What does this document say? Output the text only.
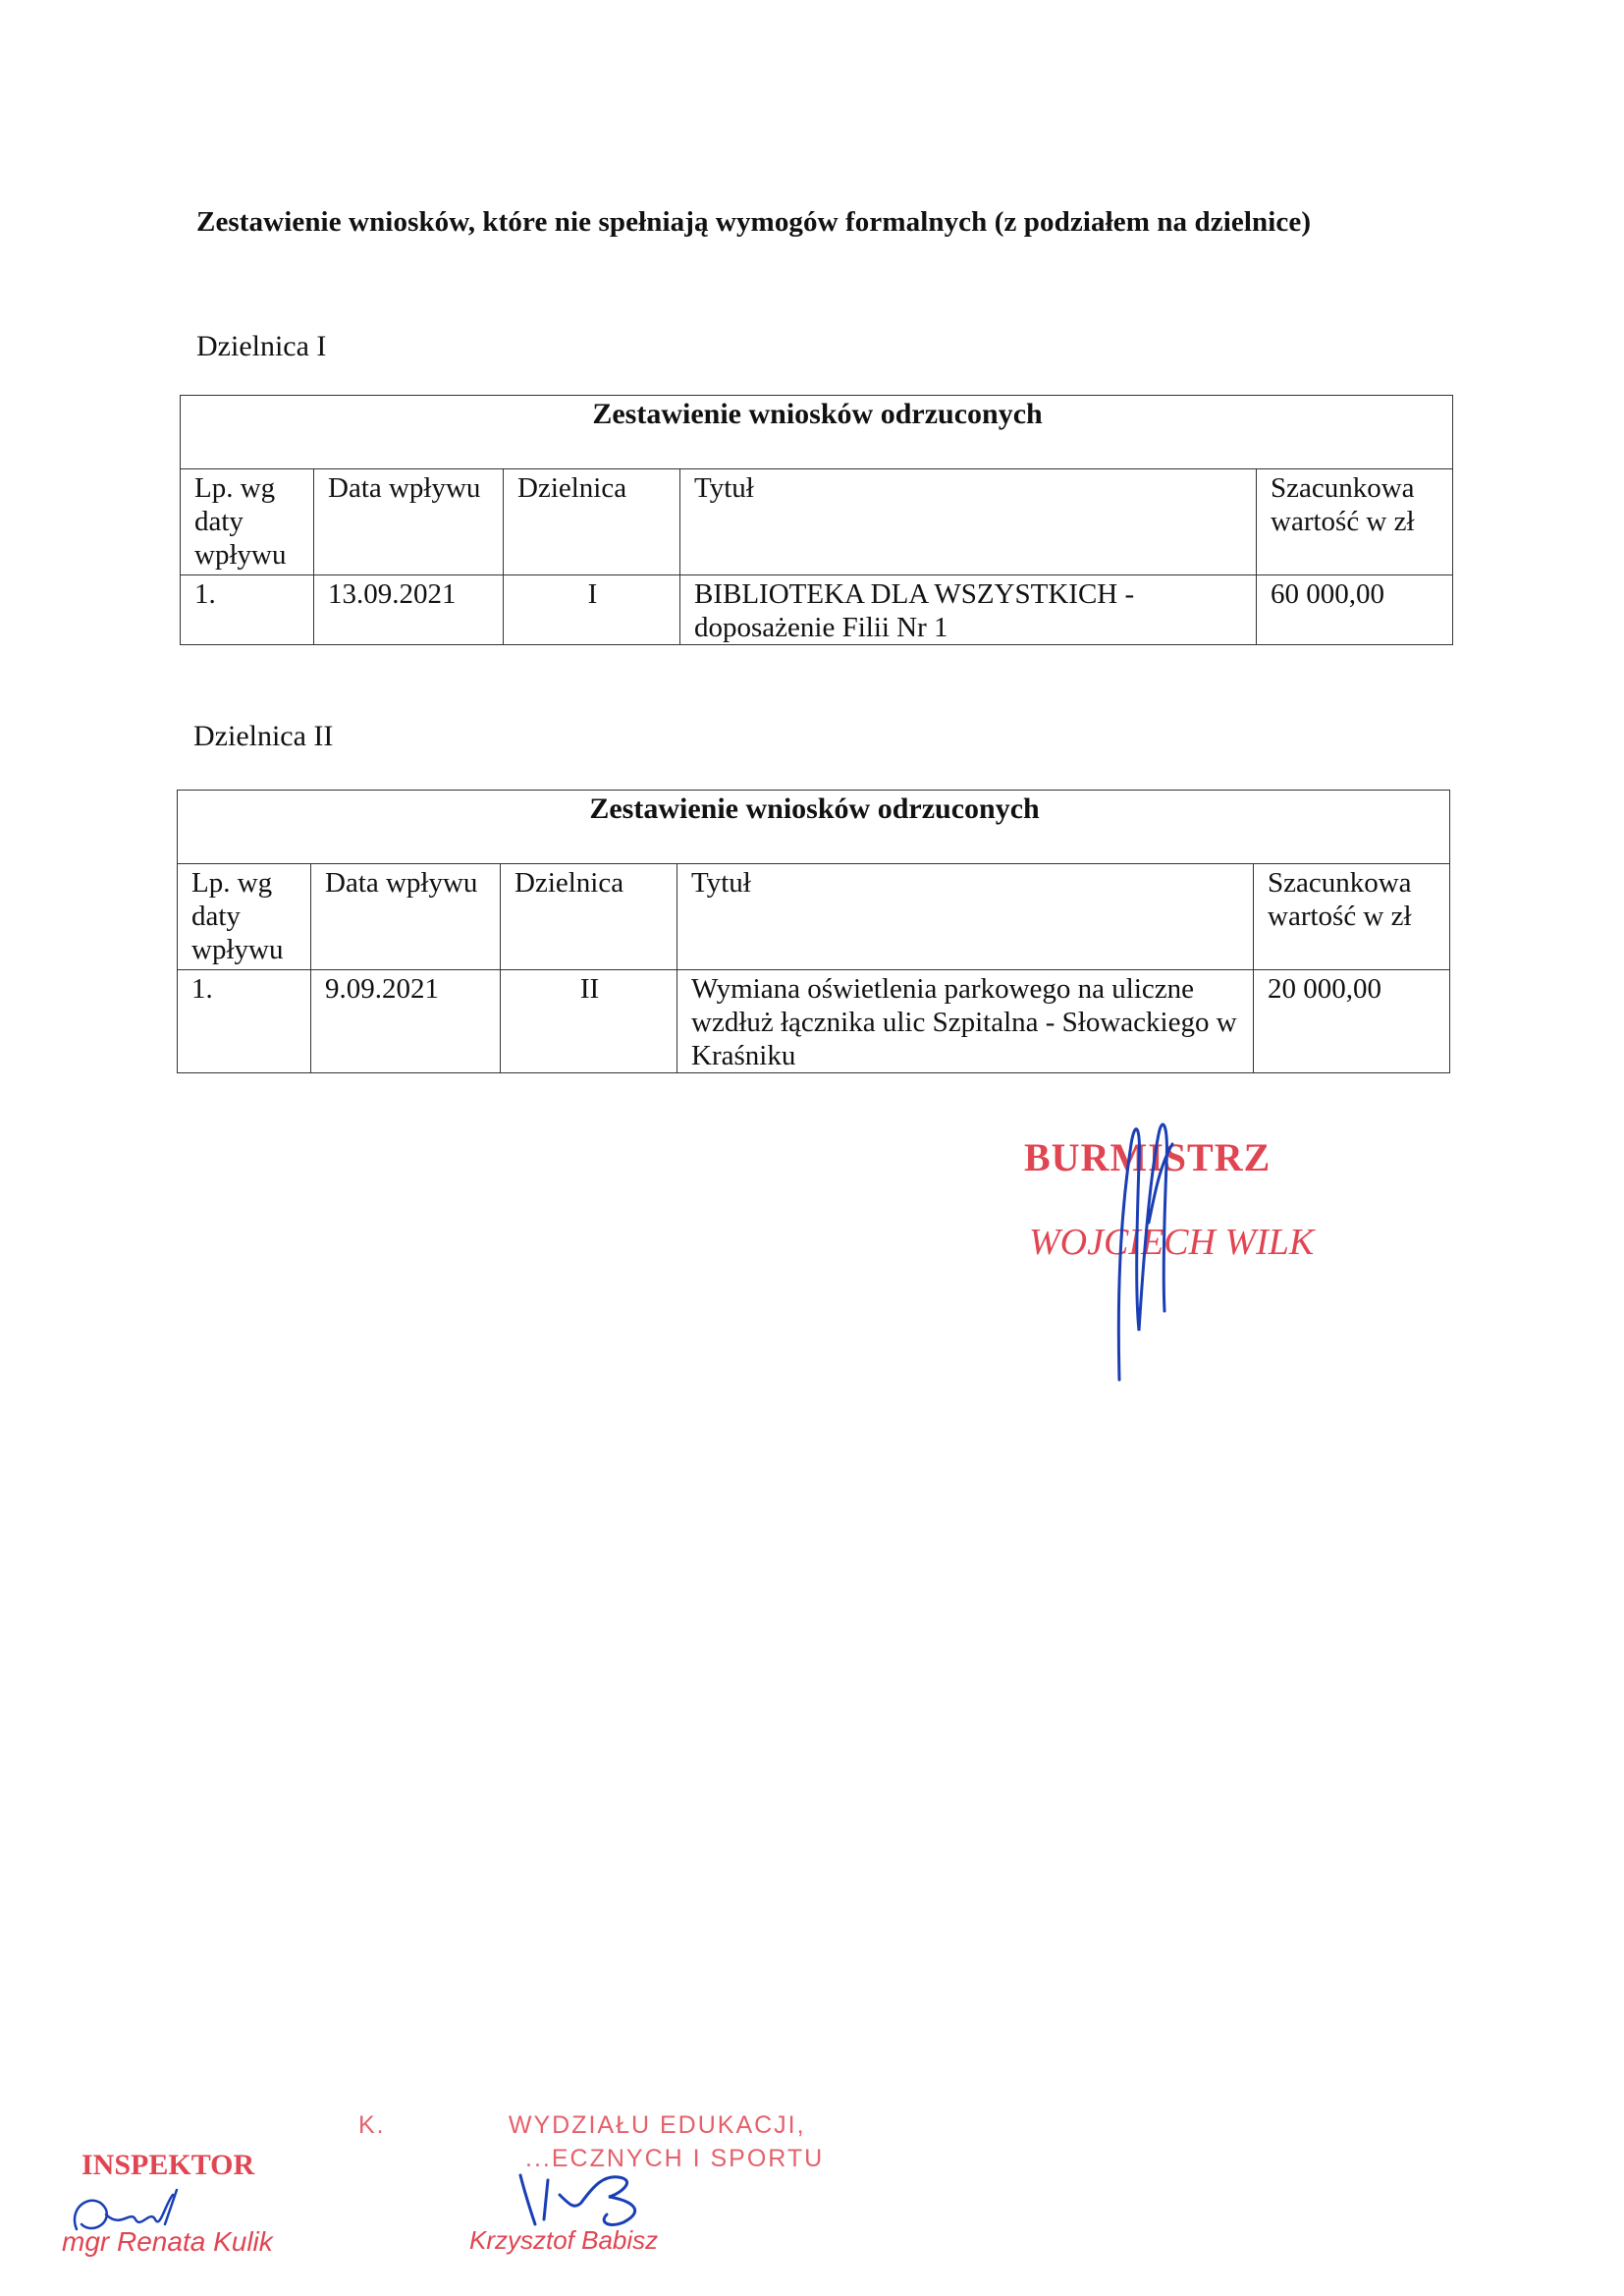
Zestawienie wniosków, które nie spełniają wymogów formalnych (z podziałem na dzielnice)
Dzielnica I
Zestawienie wniosków odrzuconych				
Lp. wg daty wpływu	Data wpływu	Dzielnica	Tytuł	Szacunkowa wartość w zł
1.	13.09.2021	I	BIBLIOTEKA DLA WSZYSTKICH - doposażenie Filii Nr 1	60 000,00
Dzielnica II
Zestawienie wniosków odrzuconych				
Lp. wg daty wpływu	Data wpływu	Dzielnica	Tytuł	Szacunkowa wartość w zł
1.	9.09.2021	II	Wymiana oświetlenia parkowego na uliczne wzdłuż łącznika ulic Szpitalna - Słowackiego w Kraśniku	20 000,00
BURMISTRZ
WOJCIECH WILK
INSPEKTOR
mgr Renata Kulik
K.              WYDZIAŁU EDUKACJI,
...ECZNYCH I SPORTU
Krzysztof Babisz
